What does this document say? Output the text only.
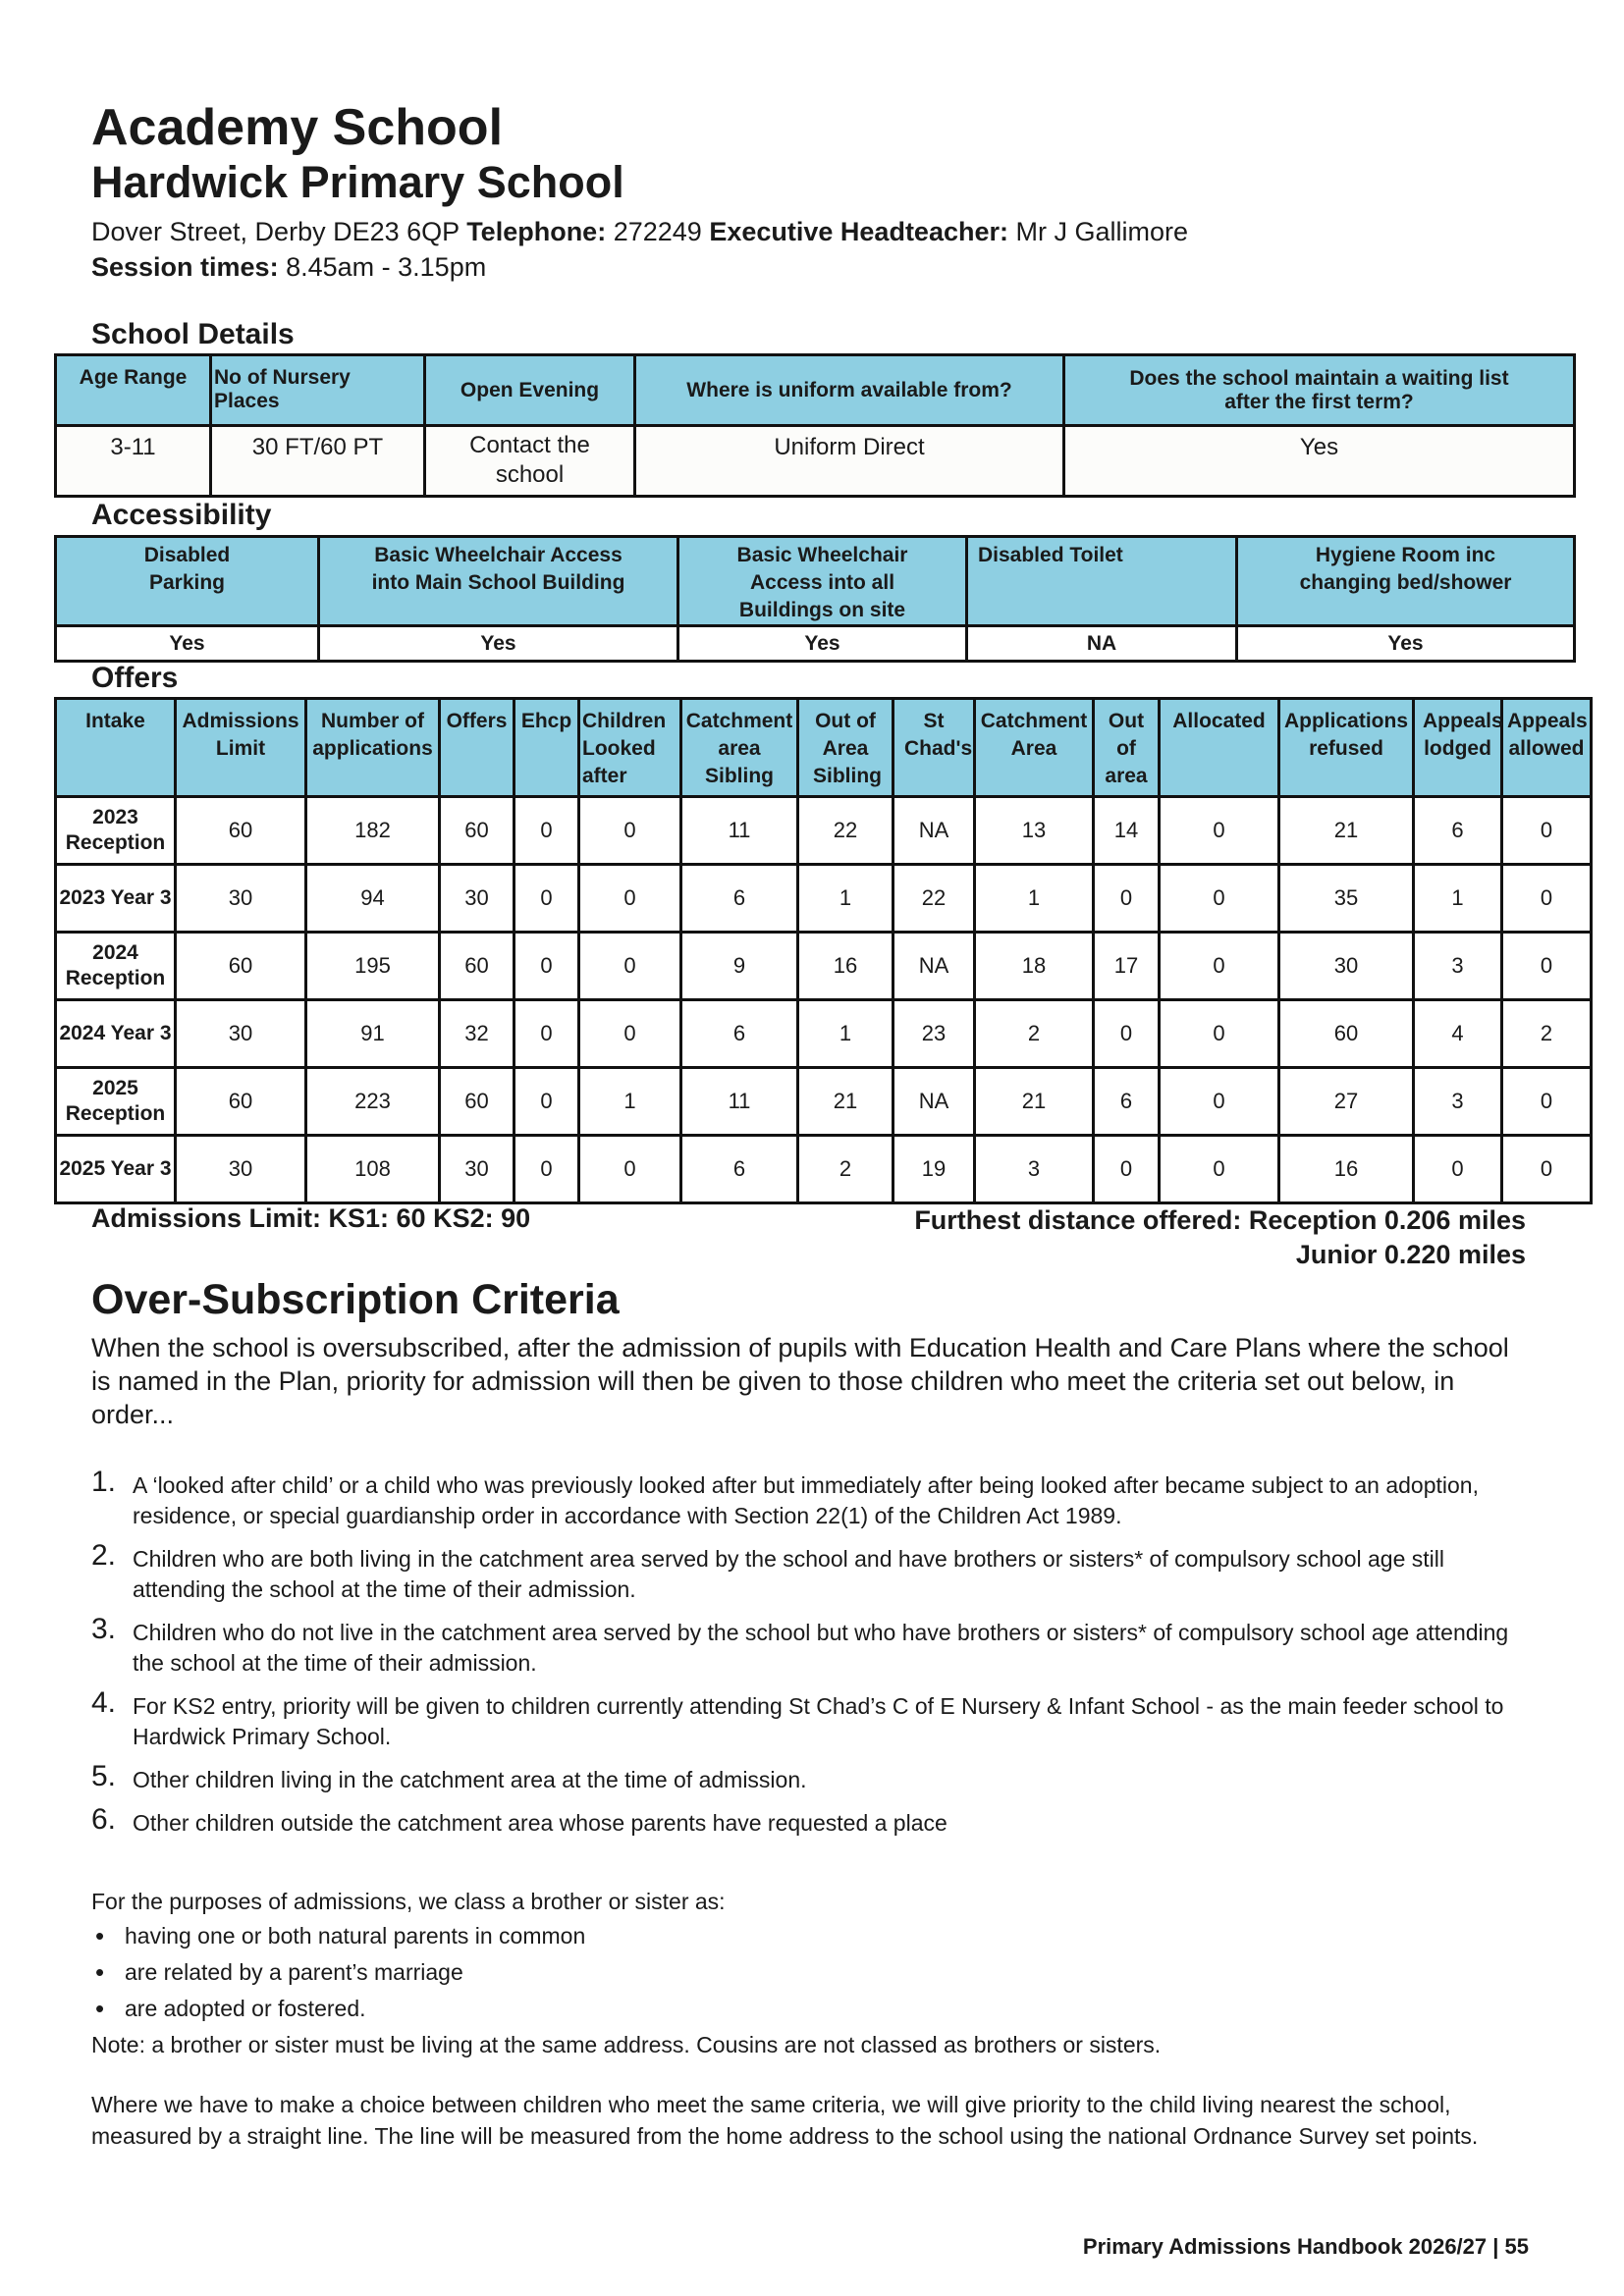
Academy School
Hardwick Primary School
Dover Street, Derby DE23 6QP Telephone: 272249 Executive Headteacher: Mr J Gallimore
Session times: 8.45am - 3.15pm
School Details
Age Range	No of Nursery Places	Open Evening	Where is uniform available from?	Does the school maintain a waiting list after the first term?
3-11	30 FT/60 PT	Contact the school	Uniform Direct	Yes
Accessibility
Disabled Parking	Basic Wheelchair Access into Main School Building	Basic Wheelchair Access into all Buildings on site	Disabled Toilet	Hygiene Room inc changing bed/shower
Yes	Yes	Yes	NA	Yes
Offers
Intake	Admissions Limit	Number of applications	Offers	Ehcp	Children Looked after	Catchment area Sibling	Out of Area Sibling	St Chad's	Catchment Area	Out of area	Allocated	Applications refused	Appeals lodged	Appeals allowed
2023 Reception	60	182	60	0	0	11	22	NA	13	14	0	21	6	0
2023 Year 3	30	94	30	0	0	6	1	22	1	0	0	35	1	0
2024 Reception	60	195	60	0	0	9	16	NA	18	17	0	30	3	0
2024 Year 3	30	91	32	0	0	6	1	23	2	0	0	60	4	2
2025 Reception	60	223	60	0	1	11	21	NA	21	6	0	27	3	0
2025 Year 3	30	108	30	0	0	6	2	19	3	0	0	16	0	0
Admissions Limit: KS1: 60 KS2: 90	Furthest distance offered: Reception 0.206 miles
Junior 0.220 miles
Over-Subscription Criteria
When the school is oversubscribed, after the admission of pupils with Education Health and Care Plans where the school is named in the Plan, priority for admission will then be given to those children who meet the criteria set out below, in order...
1. A ‘looked after child’ or a child who was previously looked after but immediately after being looked after became subject to an adoption, residence, or special guardianship order in accordance with Section 22(1) of the Children Act 1989.
2. Children who are both living in the catchment area served by the school and have brothers or sisters* of compulsory school age still attending the school at the time of their admission.
3. Children who do not live in the catchment area served by the school but who have brothers or sisters* of compulsory school age attending the school at the time of their admission.
4. For KS2 entry, priority will be given to children currently attending St Chad’s C of E Nursery & Infant School - as the main feeder school to Hardwick Primary School.
5. Other children living in the catchment area at the time of admission.
6. Other children outside the catchment area whose parents have requested a place
For the purposes of admissions, we class a brother or sister as:
• having one or both natural parents in common
• are related by a parent’s marriage
• are adopted or fostered.
Note: a brother or sister must be living at the same address. Cousins are not classed as brothers or sisters.
Where we have to make a choice between children who meet the same criteria, we will give priority to the child living nearest the school, measured by a straight line. The line will be measured from the home address to the school using the national Ordnance Survey set points.
Primary Admissions Handbook 2026/27 | 55
